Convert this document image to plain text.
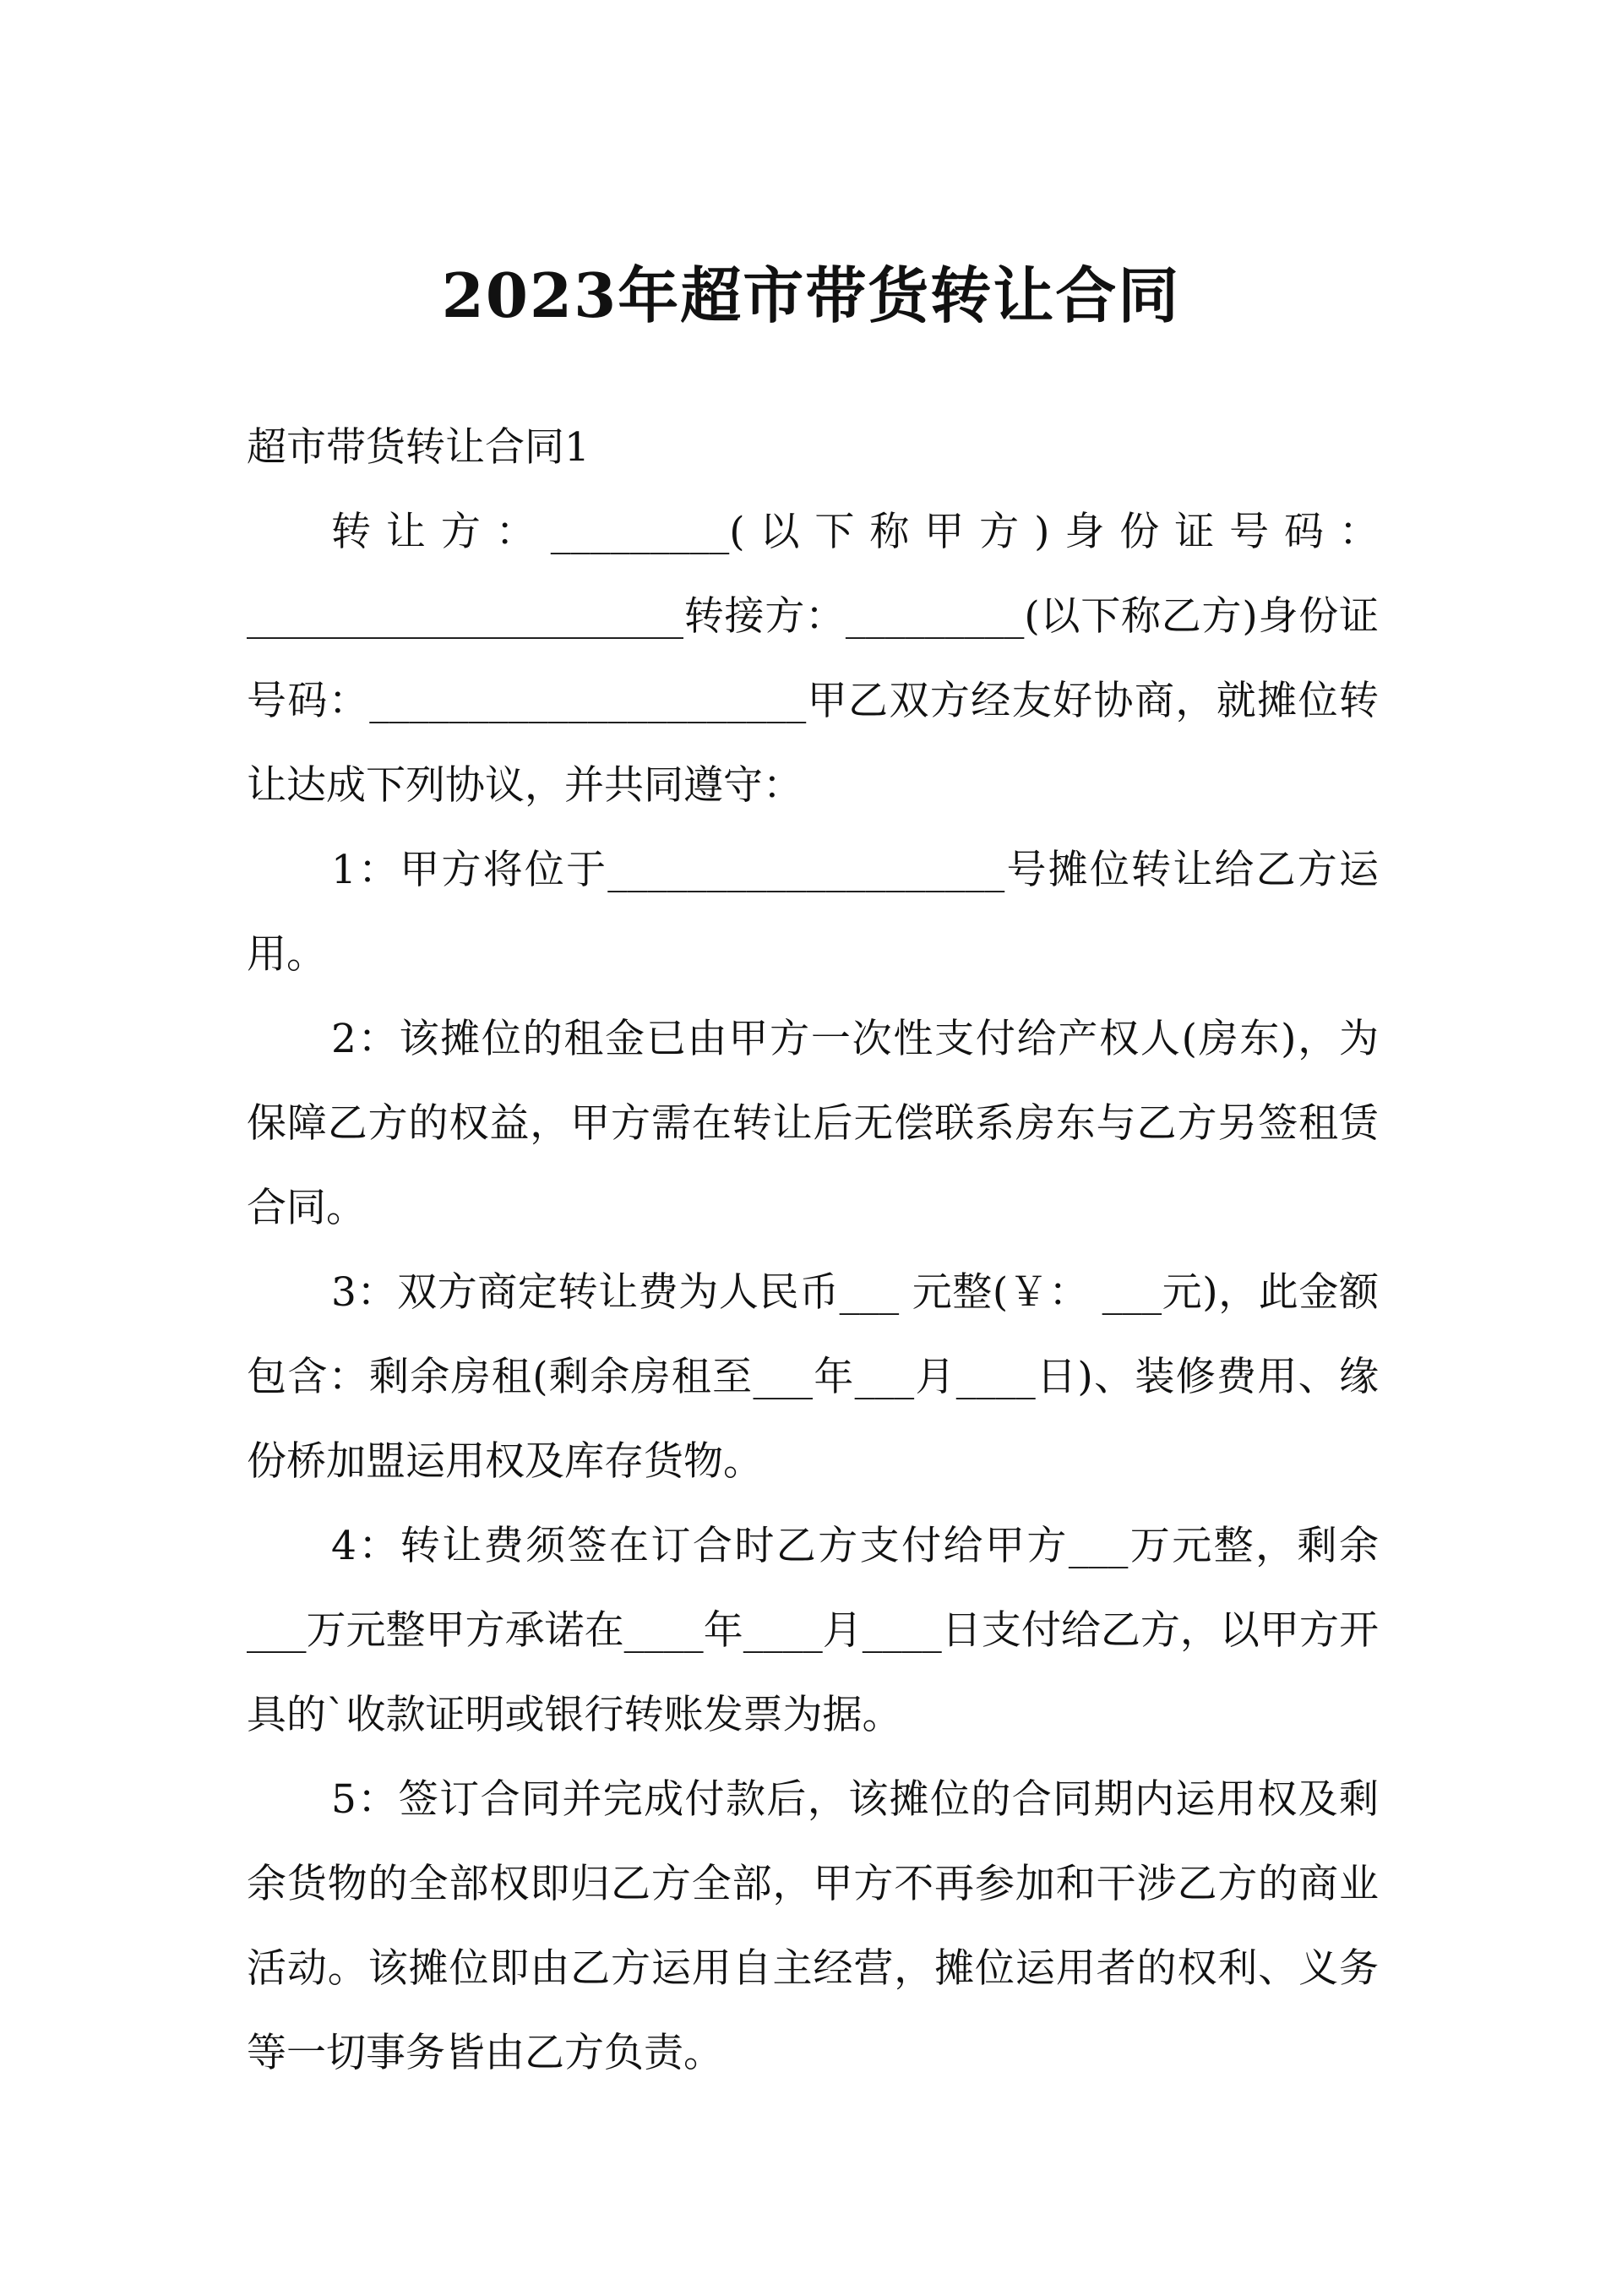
2023年超市带货转让合同

超市带货转让合同1

转让方：_________(以下称甲方)身份证号码：______________________转接方：_________(以下称乙方)身份证号码：______________________甲乙双方经友好协商，就摊位转让达成下列协议，并共同遵守：

1：甲方将位于____________________号摊位转让给乙方运用。

2：该摊位的租金已由甲方一次性支付给产权人(房东)，为保障乙方的权益，甲方需在转让后无偿联系房东与乙方另签租赁合同。

3：双方商定转让费为人民币___ 元整(￥： ___元)，此金额包含：剩余房租(剩余房租至___年___月____日)、装修费用、缘份桥加盟运用权及库存货物。

4：转让费须签在订合时乙方支付给甲方___万元整，剩余___万元整甲方承诺在____年____月____日支付给乙方，以甲方开具的`收款证明或银行转账发票为据。

5：签订合同并完成付款后，该摊位的合同期内运用权及剩余货物的全部权即归乙方全部，甲方不再参加和干涉乙方的商业活动。该摊位即由乙方运用自主经营，摊位运用者的权利、义务等一切事务皆由乙方负责。
